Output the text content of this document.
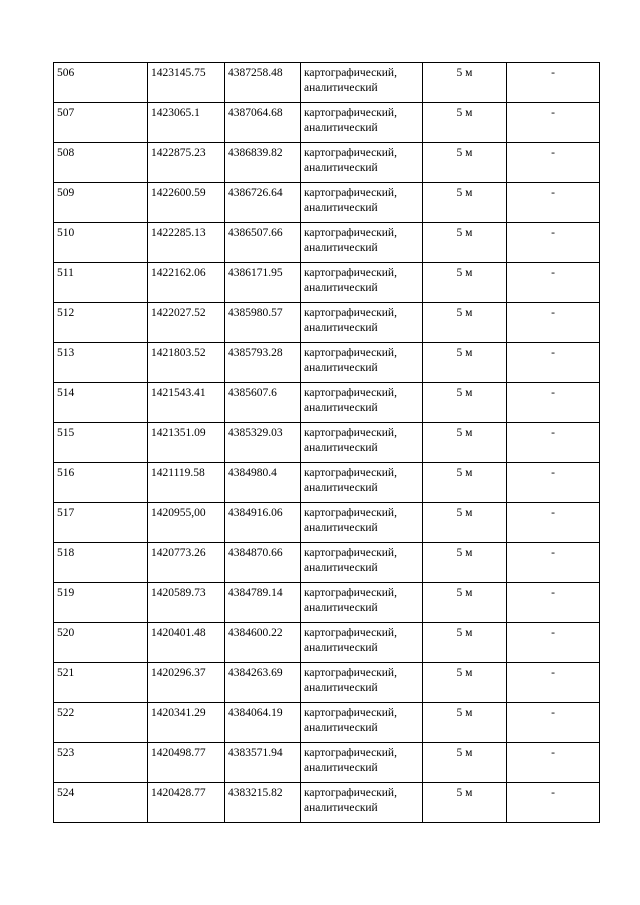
506	1423145.75	4387258.48	картографический, аналитический	5 м	-
507	1423065.1	4387064.68	картографический, аналитический	5 м	-
508	1422875.23	4386839.82	картографический, аналитический	5 м	-
509	1422600.59	4386726.64	картографический, аналитический	5 м	-
510	1422285.13	4386507.66	картографический, аналитический	5 м	-
511	1422162.06	4386171.95	картографический, аналитический	5 м	-
512	1422027.52	4385980.57	картографический, аналитический	5 м	-
513	1421803.52	4385793.28	картографический, аналитический	5 м	-
514	1421543.41	4385607.6	картографический, аналитический	5 м	-
515	1421351.09	4385329.03	картографический, аналитический	5 м	-
516	1421119.58	4384980.4	картографический, аналитический	5 м	-
517	1420955,00	4384916.06	картографический, аналитический	5 м	-
518	1420773.26	4384870.66	картографический, аналитический	5 м	-
519	1420589.73	4384789.14	картографический, аналитический	5 м	-
520	1420401.48	4384600.22	картографический, аналитический	5 м	-
521	1420296.37	4384263.69	картографический, аналитический	5 м	-
522	1420341.29	4384064.19	картографический, аналитический	5 м	-
523	1420498.77	4383571.94	картографический, аналитический	5 м	-
524	1420428.77	4383215.82	картографический, аналитический	5 м	-
